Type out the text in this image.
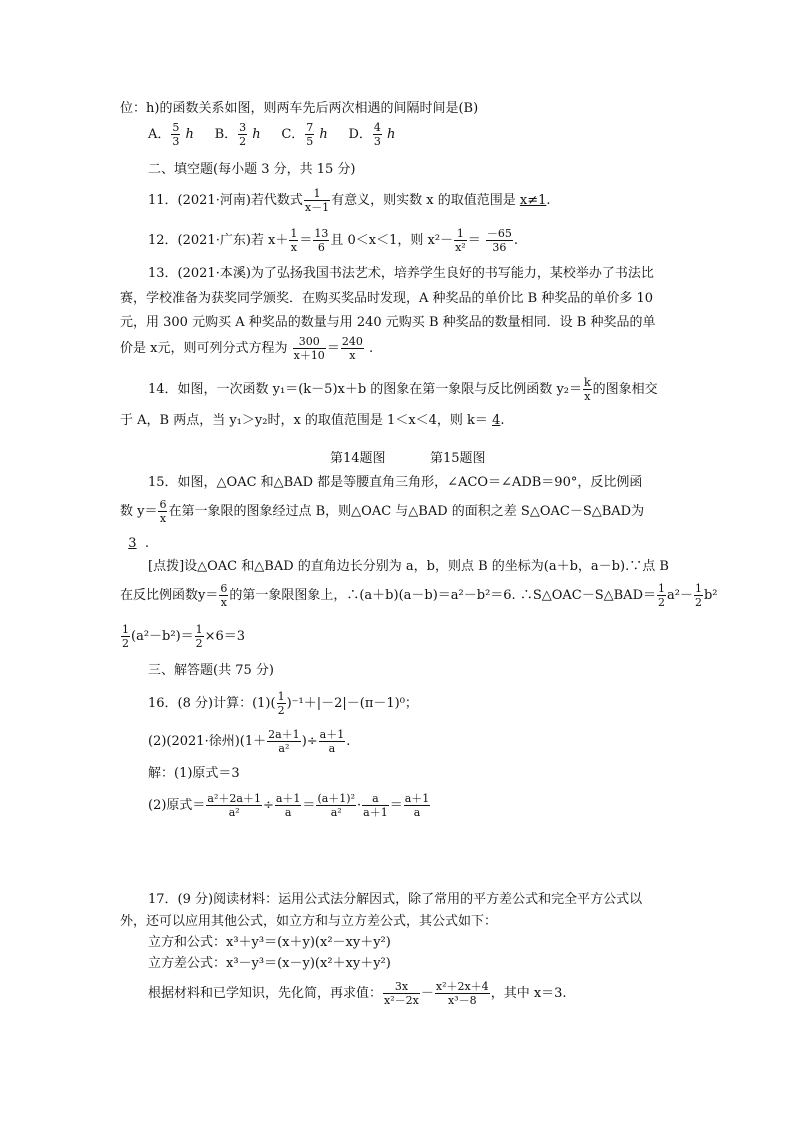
位：h)的函数关系如图，则两车先后两次相遇的间隔时间是(B)
A． $\frac{5}{3}$ h B． $\frac{3}{2}$ h C． $\frac{7}{5}$ h D． $\frac{4}{3}$ h
二、填空题(每小题 3 分，共 15 分)
11．(2021·河南)若代数式 $\frac{1}{x-1}$ 有意义，则实数 x 的取值范围是 x≠1.
12．(2021·广东)若 $x+ \frac{1}{x} = \frac{13}{6}$ 且 0＜x＜1，则 $x^2- \frac{1}{\text{x²}} = \frac{-65}{36}$ .
13．(2021·本溪)为了弘扬我国书法艺术，培养学生良好的书写能力，某校举办了书法比
赛，学校准备为获奖同学颁奖．在购买奖品时发现，A 种奖品的单价比 B 种奖品的单价多 10
元，用 300 元购买 A 种奖品的数量与用 240 元购买 B 种奖品的数量相同．设 B 种奖品的单
价是 x元，则可列分式方程为 $\frac{300}{x+10} = \frac{240}{x}$ .
14．如图，一次函数 y₁＝(k－5)x＋b 的图象在第一象限与反比例函数 $y_2= \frac{k}{x}$ 的图象相交
于 A，B 两点，当 y₁＞y₂时，x 的取值范围是 1＜x＜4，则 k＝ 4.
第14题图	第15题图
15．如图，△OAC 和△BAD 都是等腰直角三角形，∠ACO＝∠ADB＝90°，反比例函
数 $y= \frac{6}{x}$ 在第一象限的图象经过点 B，则△OAC 与△BAD 的面积之差 S△OAC－S△BAD为
3 .
[点拨]设△OAC 和△BAD 的直角边长分别为 a，b，则点 B 的坐标为(a＋b，a－b).∵点 B
在反比例函数$y= \frac{6}{x}$ 的第一象限图象上，∴(a＋b)(a－b)＝a²－b²＝6. ∴S△OAC－S△BAD＝ $\frac{1}{2} a^2- \frac{1}{2} b^2$
$\frac{1}{2} (a^2-b^2)= \frac{1}{2} \times 6=3$
三、解答题(共 75 分)
16．(8 分)计算：$(1)( \frac{1}{2} )^{-1}+|-2|-(\pi-1)^0$；
(2)(2021·徐州)($1+ \frac{2a+1}{\text{a²}}$ )÷ $\frac{a+1}{a}$ .
解：(1)原式＝3
(2)原式＝ $\frac{\text{a²＋2a＋1}}{\text{a²}} \div \frac{a+1}{a} = \frac{\text{(a＋1)²}}{\text{a²}} \cdot \frac{a}{a+1} = \frac{a+1}{a}$
17．(9 分)阅读材料：运用公式法分解因式，除了常用的平方差公式和完全平方公式以
外，还可以应用其他公式，如立方和与立方差公式，其公式如下：
立方和公式：x³＋y³＝(x＋y)(x²－xy＋y²)
立方差公式：x³－y³＝(x－y)(x²＋xy＋y²)
根据材料和已学知识，先化简，再求值： $\frac{3x}{\text{x²－2x}} - \frac{\text{x²＋2x＋4}}{\text{x³－8}}$ ，其中 x＝3.
